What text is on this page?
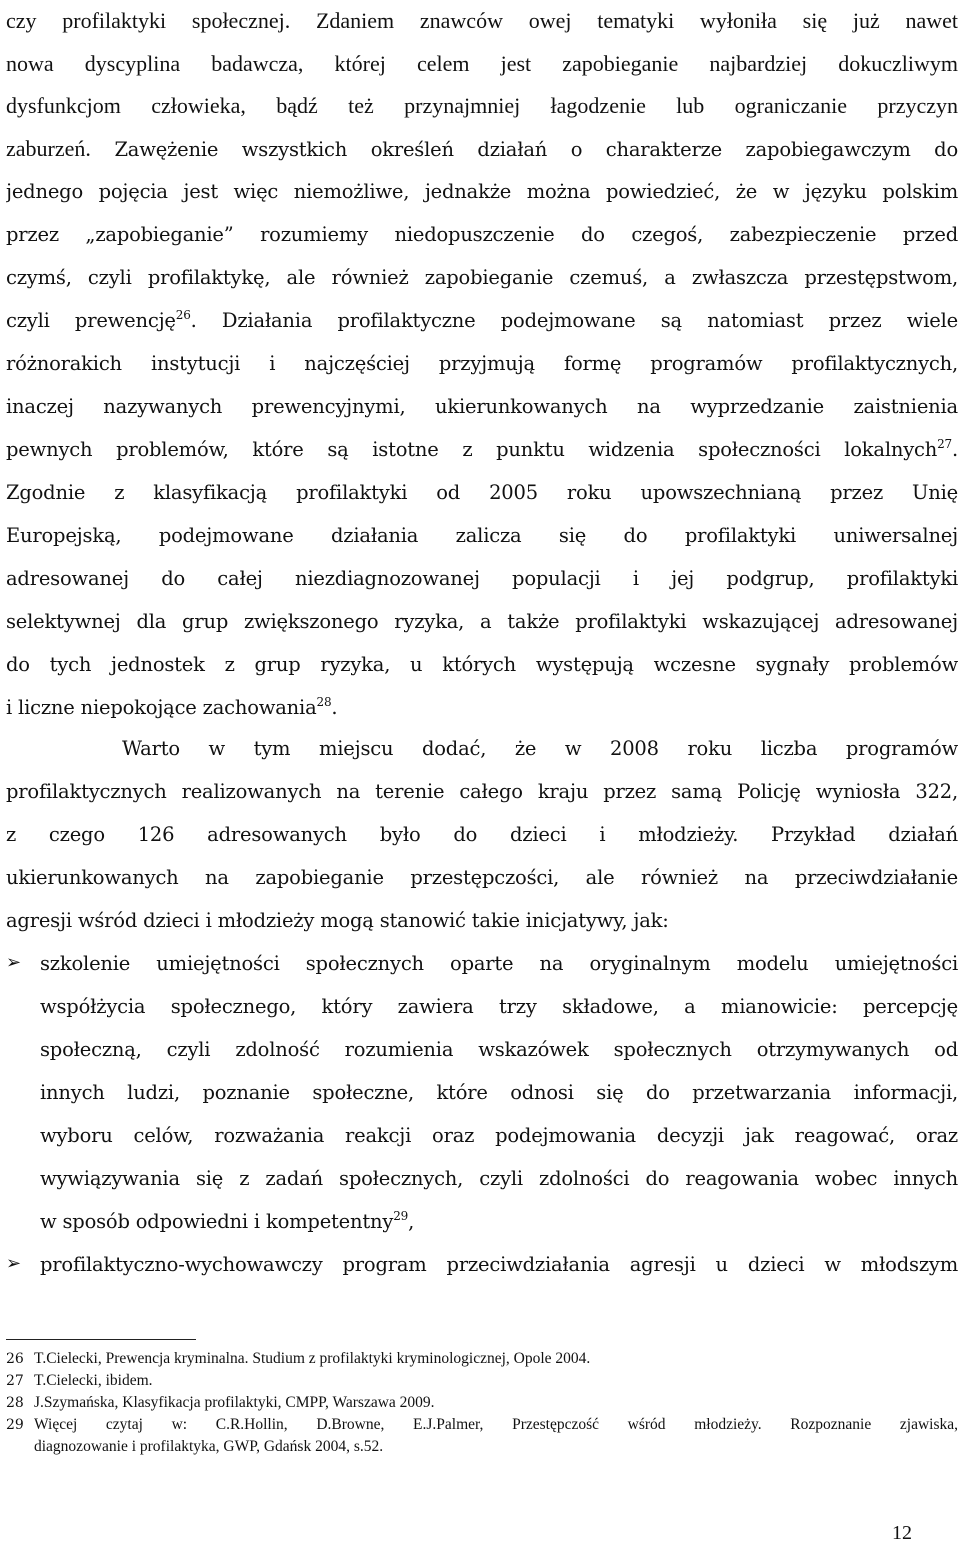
czy profilaktyki społecznej. Zdaniem znawców owej tematyki wyłoniła się już nawet
nowa dyscyplina badawcza, której celem jest zapobieganie najbardziej dokuczliwym
dysfunkcjom człowieka, bądź też przynajmniej łagodzenie lub ograniczanie przyczyn
zaburzeń. Zawężenie wszystkich określeń działań o charakterze zapobiegawczym do
jednego pojęcia jest więc niemożliwe, jednakże można powiedzieć, że w języku polskim
przez „zapobieganie” rozumiemy niedopuszczenie do czegoś, zabezpieczenie przed
czymś, czyli profilaktykę, ale również zapobieganie czemuś, a zwłaszcza przestępstwom,
czyli prewencję$^{26}$. Działania profilaktyczne podejmowane są natomiast przez wiele
różnorakich instytucji i najczęściej przyjmują formę programów profilaktycznych,
inaczej nazywanych prewencyjnymi, ukierunkowanych na wyprzedzanie zaistnienia
pewnych problemów, które są istotne z punktu widzenia społeczności lokalnych$^{27}$.
Zgodnie z klasyfikacją profilaktyki od 2005 roku upowszechnianą przez Unię
Europejską, podejmowane działania zalicza się do profilaktyki uniwersalnej
adresowanej do całej niezdiagnozowanej populacji i jej podgrup, profilaktyki
selektywnej dla grup zwiększonego ryzyka, a także profilaktyki wskazującej adresowanej
do tych jednostek z grup ryzyka, u których występują wczesne sygnały problemów
i liczne niepokojące zachowania$^{28}$.
Warto w tym miejscu dodać, że w 2008 roku liczba programów
profilaktycznych realizowanych na terenie całego kraju przez samą Policję wyniosła 322,
z czego 126 adresowanych było do dzieci i młodzieży. Przykład działań
ukierunkowanych na zapobieganie przestępczości, ale również na przeciwdziałanie
agresji wśród dzieci i młodzieży mogą stanowić takie inicjatywy, jak:
➢ szkolenie umiejętności społecznych oparte na oryginalnym modelu umiejętności
współżycia społecznego, który zawiera trzy składowe, a mianowicie: percepcję
społeczną, czyli zdolność rozumienia wskazówek społecznych otrzymywanych od
innych ludzi, poznanie społeczne, które odnosi się do przetwarzania informacji,
wyboru celów, rozważania reakcji oraz podejmowania decyzji jak reagować, oraz
wywiązywania się z zadań społecznych, czyli zdolności do reagowania wobec innych
w sposób odpowiedni i kompetentny$^{29}$,
➢ profilaktyczno-wychowawczy program przeciwdziałania agresji u dzieci w młodszym
26 T.Cielecki, Prewencja kryminalna. Studium z profilaktyki kryminologicznej, Opole 2004.
27 T.Cielecki, ibidem.
28 J.Szymańska, Klasyfikacja profilaktyki, CMPP, Warszawa 2009.
29 Więcej czytaj w: C.R.Hollin, D.Browne, E.J.Palmer, Przestępczość wśród młodzieży. Rozpoznanie zjawiska,
diagnozowanie i profilaktyka, GWP, Gdańsk 2004, s.52.
12
